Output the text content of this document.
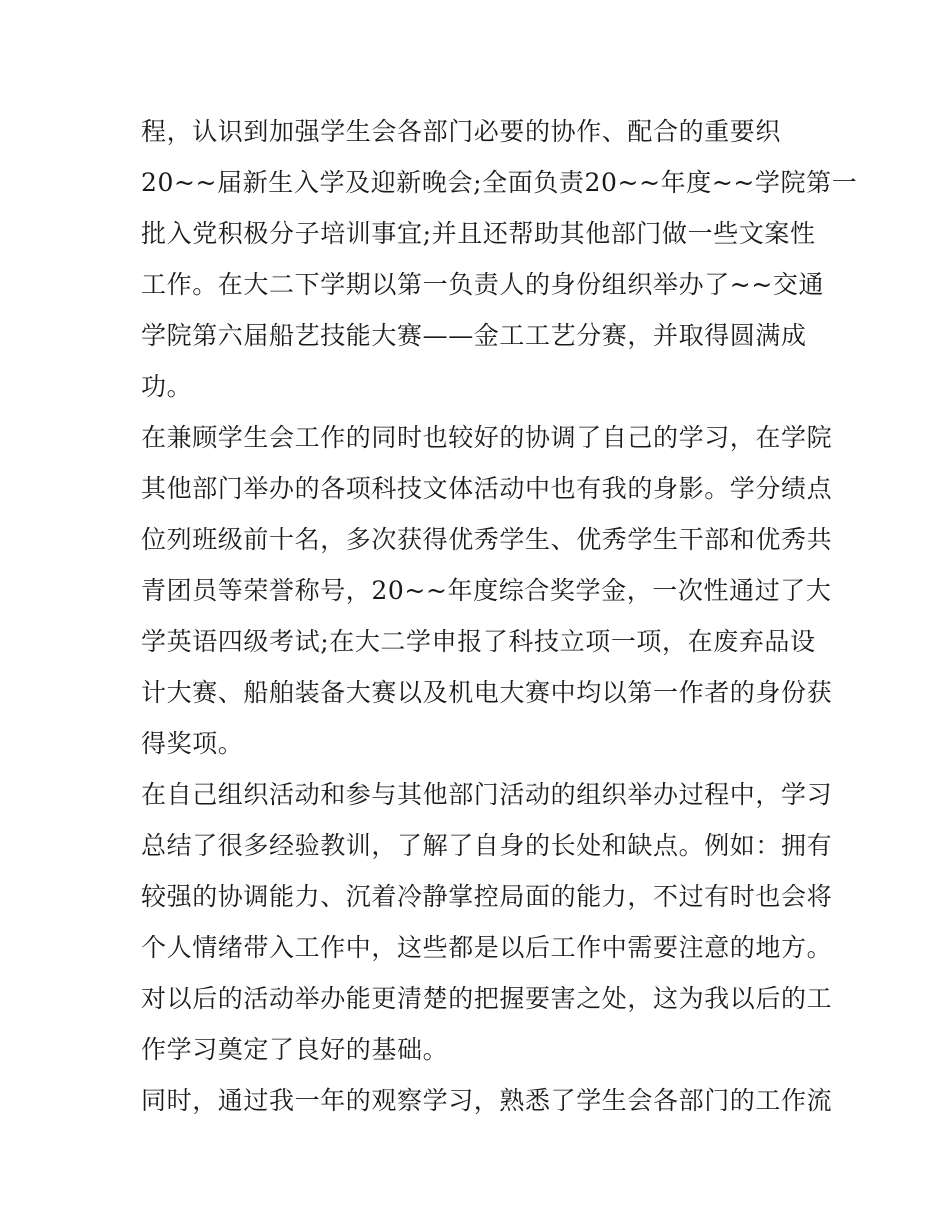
程，认识到加强学生会各部门必要的协作、配合的重要织
20~~届新生入学及迎新晚会;全面负责20~~年度~~学院第一
批入党积极分子培训事宜;并且还帮助其他部门做一些文案性
工作。在大二下学期以第一负责人的身份组织举办了~~交通
学院第六届船艺技能大赛——金工工艺分赛，并取得圆满成
功。
在兼顾学生会工作的同时也较好的协调了自己的学习，在学院
其他部门举办的各项科技文体活动中也有我的身影。学分绩点
位列班级前十名，多次获得优秀学生、优秀学生干部和优秀共
青团员等荣誉称号，20~~年度综合奖学金，一次性通过了大
学英语四级考试;在大二学申报了科技立项一项，在废弃品设
计大赛、船舶装备大赛以及机电大赛中均以第一作者的身份获
得奖项。
在自己组织活动和参与其他部门活动的组织举办过程中，学习
总结了很多经验教训，了解了自身的长处和缺点。例如：拥有
较强的协调能力、沉着冷静掌控局面的能力，不过有时也会将
个人情绪带入工作中，这些都是以后工作中需要注意的地方。
对以后的活动举办能更清楚的把握要害之处，这为我以后的工
作学习奠定了良好的基础。
同时，通过我一年的观察学习，熟悉了学生会各部门的工作流
